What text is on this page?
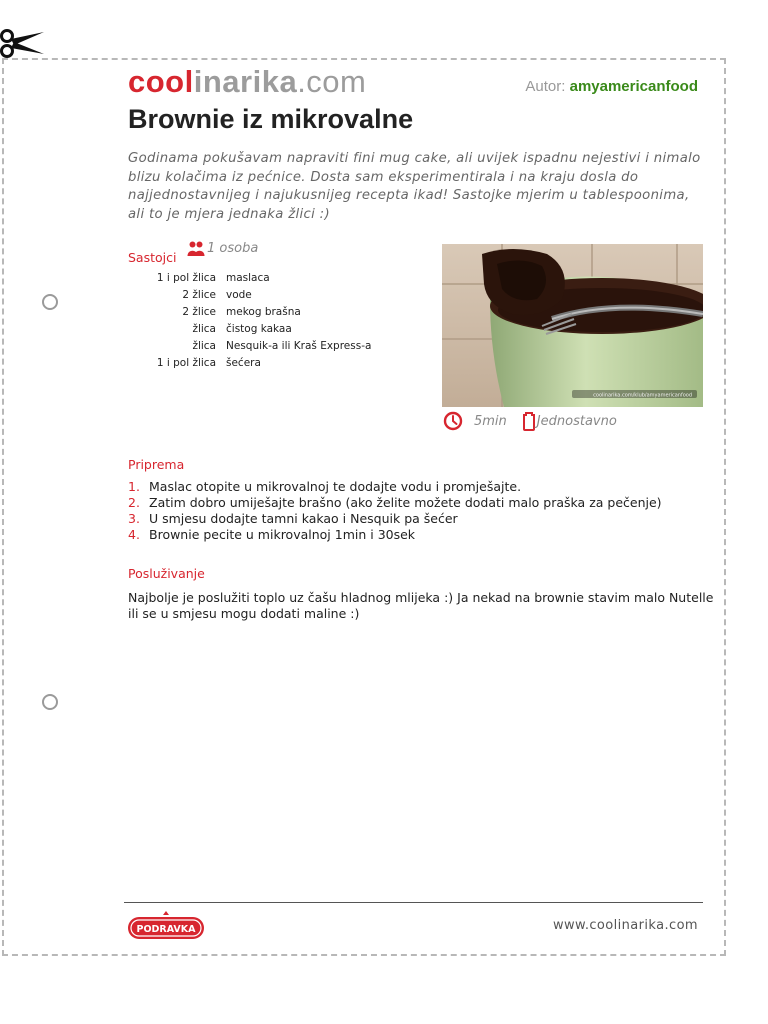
coolinarika.com	Autor: amyamericanfood
Brownie iz mikrovalne

Godinama pokušavam napraviti fini mug cake, ali uvijek ispadnu nejestivi i nimalo blizu kolačima iz pećnice. Dosta sam eksperimentirala i na kraju dosla do najjednostavnijeg i najukusnijeg recepta ikad! Sastojke mjerim u tablespoonima, ali to je mjera jednaka žlici :)

Sastojci
1 osoba
1 i pol žlica	maslaca
2 žlice	vode
2 žlice	mekog brašna
žlica	čistog kakaa
žlica	Nesquik-a ili Kraš Express-a
1 i pol žlica	šećera
coolinarika.com/klub/amyamericanfood
5min Jednostavno
Priprema
1. Maslac otopite u mikrovalnoj te dodajte vodu i promješajte.
2. Zatim dobro umiješajte brašno (ako želite možete dodati malo praška za pečenje)
3. U smjesu dodajte tamni kakao i Nesquik pa šećer
4. Brownie pecite u mikrovalnoj 1min i 30sek
Posluživanje

Najbolje je poslužiti toplo uz čašu hladnog mlijeka :) Ja nekad na brownie stavim malo Nutelle ili se u smjesu mogu dodati maline :)

PODRAVKA	www.coolinarika.com
